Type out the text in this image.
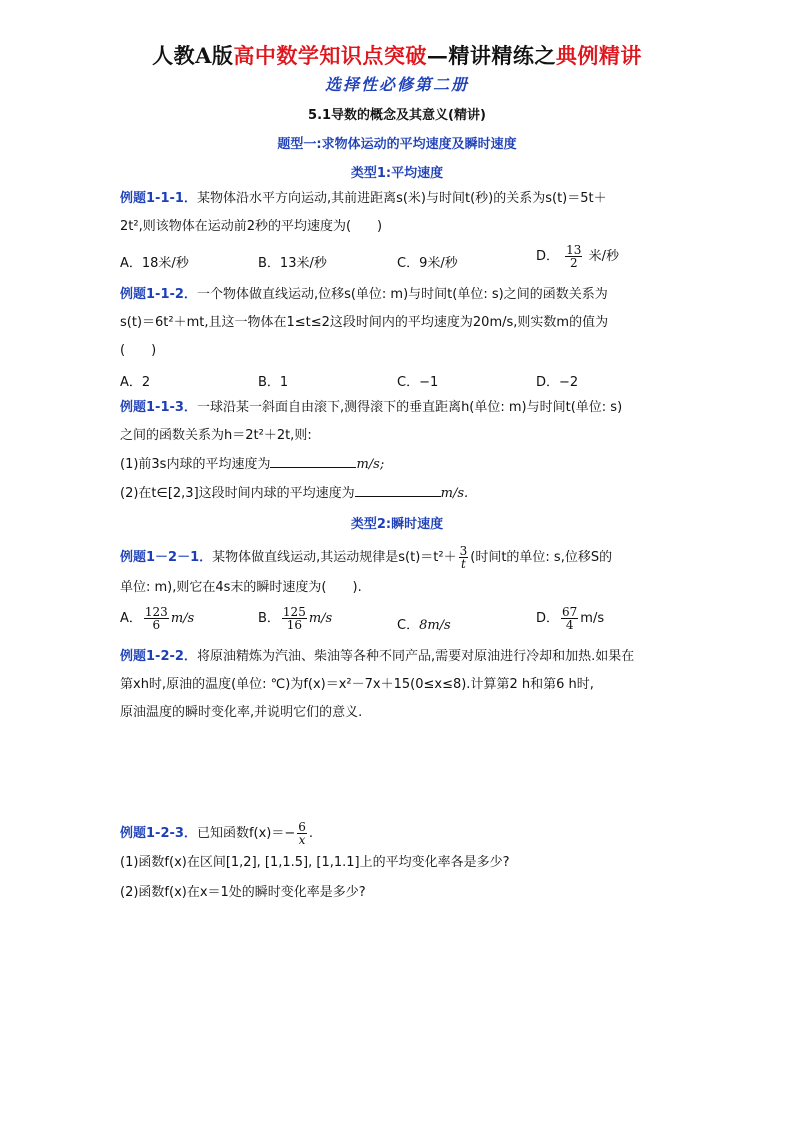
人教A版高中数学知识点突破—精讲精练之典例精讲
选择性必修第二册
5.1导数的概念及其意义(精讲)
题型一:求物体运动的平均速度及瞬时速度
类型1:平均速度
例题1-1-1．某物体沿水平方向运动,其前进距离s(米)与时间t(秒)的关系为s(t)＝5t＋
2t²,则该物体在运动前2秒的平均速度为(　　)
A．18米/秒	B．13米/秒	C．9米/秒	D． $\frac{13}{2}$ 米/秒
例题1-1-2．一个物体做直线运动,位移s(单位: m)与时间t(单位: s)之间的函数关系为
s(t)＝6t²＋mt,且这一物体在1≤t≤2这段时间内的平均速度为20m/s,则实数m的值为
(　　)
A．2	B．1	C．−1	D．−2
例题1-1-3．一球沿某一斜面自由滚下,测得滚下的垂直距离h(单位: m)与时间t(单位: s)
之间的函数关系为h＝2t²＋2t,则:
(1)前3s内球的平均速度为	m/s;
(2)在t∈[2,3]这段时间内球的平均速度为	m/s.
类型2:瞬时速度
例题1－2－1．某物体做直线运动,其运动规律是$s(t)=t^2+ \frac{3}{t}$ (时间t的单位: s,位移S的
单位: m),则它在4s末的瞬时速度为(　　).
A． $\frac{123}{6} m/s$	B． $\frac{125}{16} m/s$	C．8m/s	D． $\frac{67}{4} m/s$
例题1-2-2．将原油精炼为汽油、柴油等各种不同产品,需要对原油进行冷却和加热.如果在
第xh时,原油的温度(单位: ℃)为f(x)＝x²－7x＋15(0≤x≤8).计算第2 h和第6 h时,
原油温度的瞬时变化率,并说明它们的意义.
例题1-2-3．已知函数$f(x)=- \frac{6}{x}$ .
(1)函数f(x)在区间[1,2], [1,1.5], [1,1.1]上的平均变化率各是多少?
(2)函数f(x)在x＝1处的瞬时变化率是多少?
